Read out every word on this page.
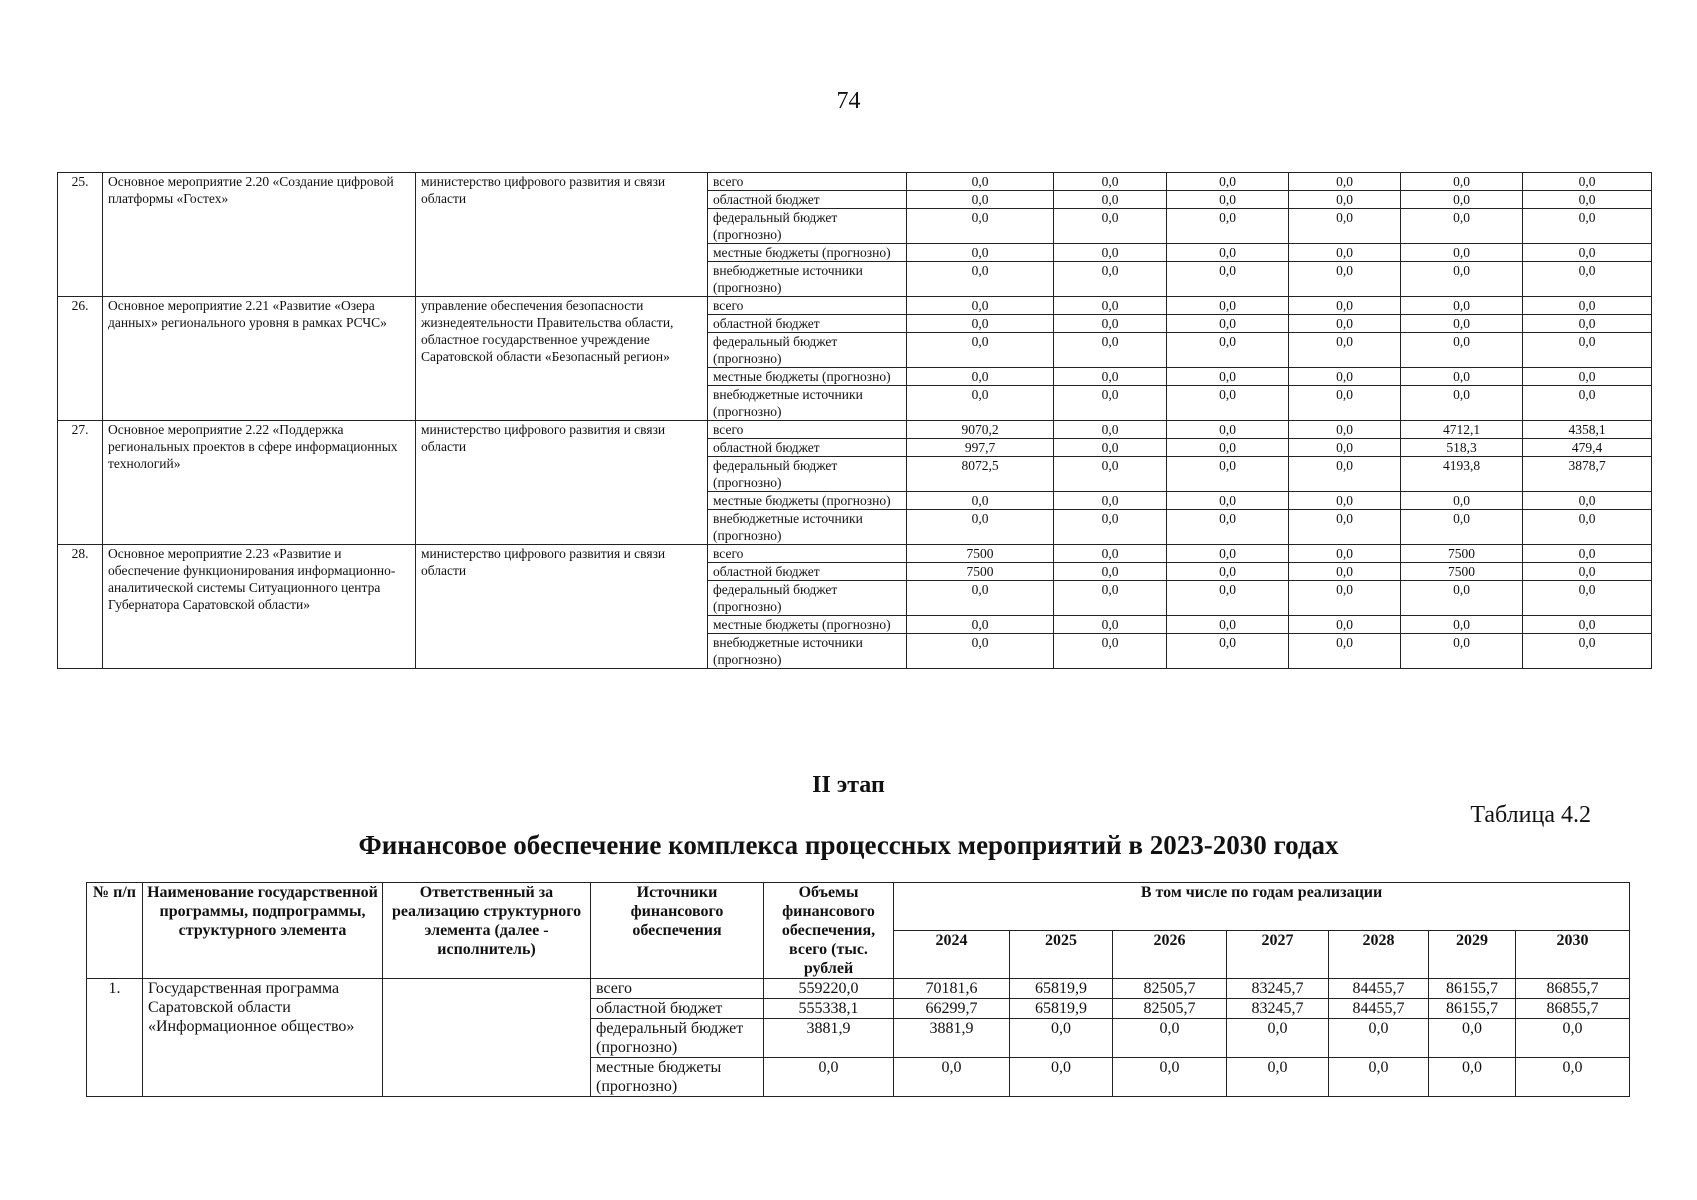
74
25.	Основное мероприятие 2.20 «Создание цифровой платформы «Гостех»	министерство цифрового развития и связи области	всего	0,0	0,0	0,0	0,0	0,0	0,0
			областной бюджет	0,0	0,0	0,0	0,0	0,0	0,0
			федеральный бюджет (прогнозно)	0,0	0,0	0,0	0,0	0,0	0,0
			местные бюджеты (прогнозно)	0,0	0,0	0,0	0,0	0,0	0,0
			внебюджетные источники (прогнозно)	0,0	0,0	0,0	0,0	0,0	0,0
26.	Основное мероприятие 2.21 «Развитие «Озера данных» регионального уровня в рамках РСЧС»	управление обеспечения безопасности жизнедеятельности Правительства области, областное государственное учреждение Саратовской области «Безопасный регион»	всего	0,0	0,0	0,0	0,0	0,0	0,0
			областной бюджет	0,0	0,0	0,0	0,0	0,0	0,0
			федеральный бюджет (прогнозно)	0,0	0,0	0,0	0,0	0,0	0,0
			местные бюджеты (прогнозно)	0,0	0,0	0,0	0,0	0,0	0,0
			внебюджетные источники (прогнозно)	0,0	0,0	0,0	0,0	0,0	0,0
27.	Основное мероприятие 2.22 «Поддержка региональных проектов в сфере информационных технологий»	министерство цифрового развития и связи области	всего	9070,2	0,0	0,0	0,0	4712,1	4358,1
			областной бюджет	997,7	0,0	0,0	0,0	518,3	479,4
			федеральный бюджет (прогнозно)	8072,5	0,0	0,0	0,0	4193,8	3878,7
			местные бюджеты (прогнозно)	0,0	0,0	0,0	0,0	0,0	0,0
			внебюджетные источники (прогнозно)	0,0	0,0	0,0	0,0	0,0	0,0
28.	Основное мероприятие 2.23 «Развитие и обеспечение функционирования информационно-аналитической системы Ситуационного центра Губернатора Саратовской области»	министерство цифрового развития и связи области	всего	7500	0,0	0,0	0,0	7500	0,0
			областной бюджет	7500	0,0	0,0	0,0	7500	0,0
			федеральный бюджет (прогнозно)	0,0	0,0	0,0	0,0	0,0	0,0
			местные бюджеты (прогнозно)	0,0	0,0	0,0	0,0	0,0	0,0
			внебюджетные источники (прогнозно)	0,0	0,0	0,0	0,0	0,0	0,0
II этап
Таблица 4.2
Финансовое обеспечение комплекса процессных мероприятий в 2023-2030 годах
№ п/п	Наименование государственной программы, подпрограммы, структурного элемента	Ответственный за реализацию структурного элемента (далее - исполнитель)	Источники финансового обеспечения	Объемы финансового обеспечения, всего (тыс. рублей	В том числе по годам реализации						
					2024	2025	2026	2027	2028	2029	2030
1.	Государственная программа Саратовской области «Информационное общество»		всего	559220,0	70181,6	65819,9	82505,7	83245,7	84455,7	86155,7	86855,7
			областной бюджет	555338,1	66299,7	65819,9	82505,7	83245,7	84455,7	86155,7	86855,7
			федеральный бюджет (прогнозно)	3881,9	3881,9	0,0	0,0	0,0	0,0	0,0	0,0
			местные бюджеты (прогнозно)	0,0	0,0	0,0	0,0	0,0	0,0	0,0	0,0
